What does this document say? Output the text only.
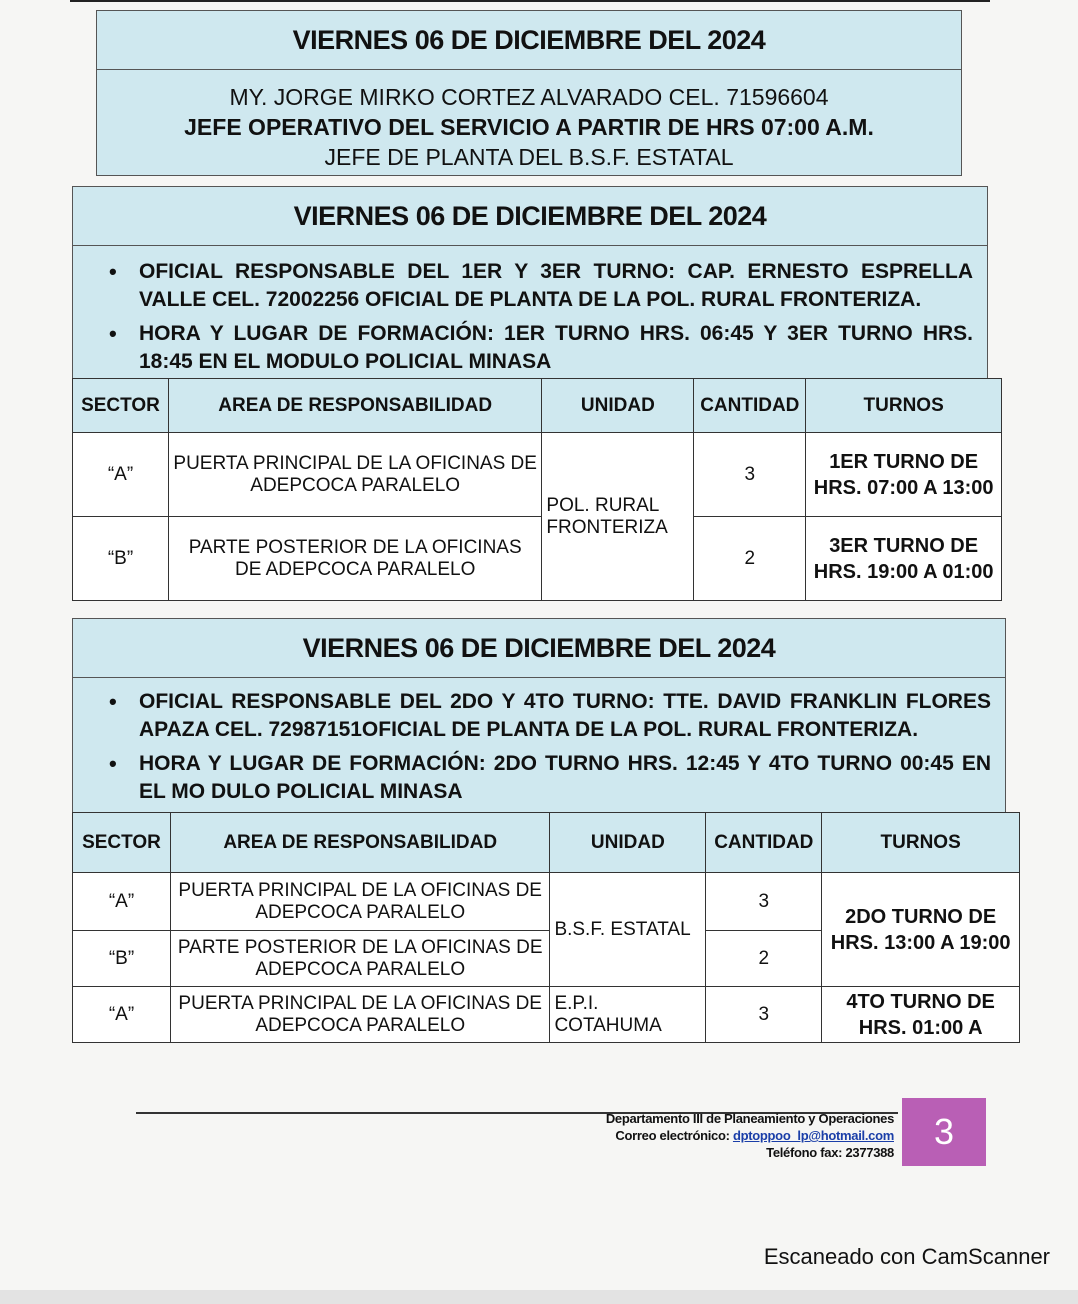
VIERNES 06 DE DICIEMBRE DEL 2024
MY. JORGE MIRKO CORTEZ ALVARADO CEL. 71596604
JEFE OPERATIVO DEL SERVICIO A PARTIR DE HRS 07:00 A.M.
JEFE DE PLANTA DEL B.S.F. ESTATAL
VIERNES 06 DE DICIEMBRE DEL 2024
• OFICIAL RESPONSABLE DEL 1ER Y 3ER TURNO: CAP. ERNESTO ESPRELLA VALLE CEL. 72002256 OFICIAL DE PLANTA DE LA POL. RURAL FRONTERIZA.
• HORA Y LUGAR DE FORMACIÓN: 1ER TURNO HRS. 06:45 Y 3ER TURNO HRS. 18:45 EN EL MODULO POLICIAL MINASA
SECTOR	AREA DE RESPONSABILIDAD	UNIDAD	CANTIDAD	TURNOS
“A”	PUERTA PRINCIPAL DE LA OFICINAS DE ADEPCOCA PARALELO	POL. RURAL FRONTERIZA	3	1ER TURNO DE HRS. 07:00 A 13:00
“B”	PARTE POSTERIOR DE LA OFICINAS DE ADEPCOCA PARALELO		2	3ER TURNO DE HRS. 19:00 A 01:00
VIERNES 06 DE DICIEMBRE DEL 2024
• OFICIAL RESPONSABLE DEL 2DO Y 4TO TURNO: TTE. DAVID FRANKLIN FLORES APAZA CEL. 72987151OFICIAL DE PLANTA DE LA POL. RURAL FRONTERIZA.
• HORA Y LUGAR DE FORMACIÓN: 2DO TURNO HRS. 12:45 Y 4TO TURNO 00:45 EN EL MO DULO POLICIAL MINASA
SECTOR	AREA DE RESPONSABILIDAD	UNIDAD	CANTIDAD	TURNOS
“A”	PUERTA PRINCIPAL DE LA OFICINAS DE ADEPCOCA PARALELO	B.S.F. ESTATAL	3	2DO TURNO DE HRS. 13:00 A 19:00
“B”	PARTE POSTERIOR DE LA OFICINAS DE ADEPCOCA PARALELO		2	
“A”	PUERTA PRINCIPAL DE LA OFICINAS DE ADEPCOCA PARALELO	E.P.I. COTAHUMA	3	4TO TURNO DE HRS. 01:00 A
Departamento III de Planeamiento y Operaciones
Correo electrónico: dptoppoo_lp@hotmail.com
Teléfono fax: 2377388
3
Escaneado con CamScanner
